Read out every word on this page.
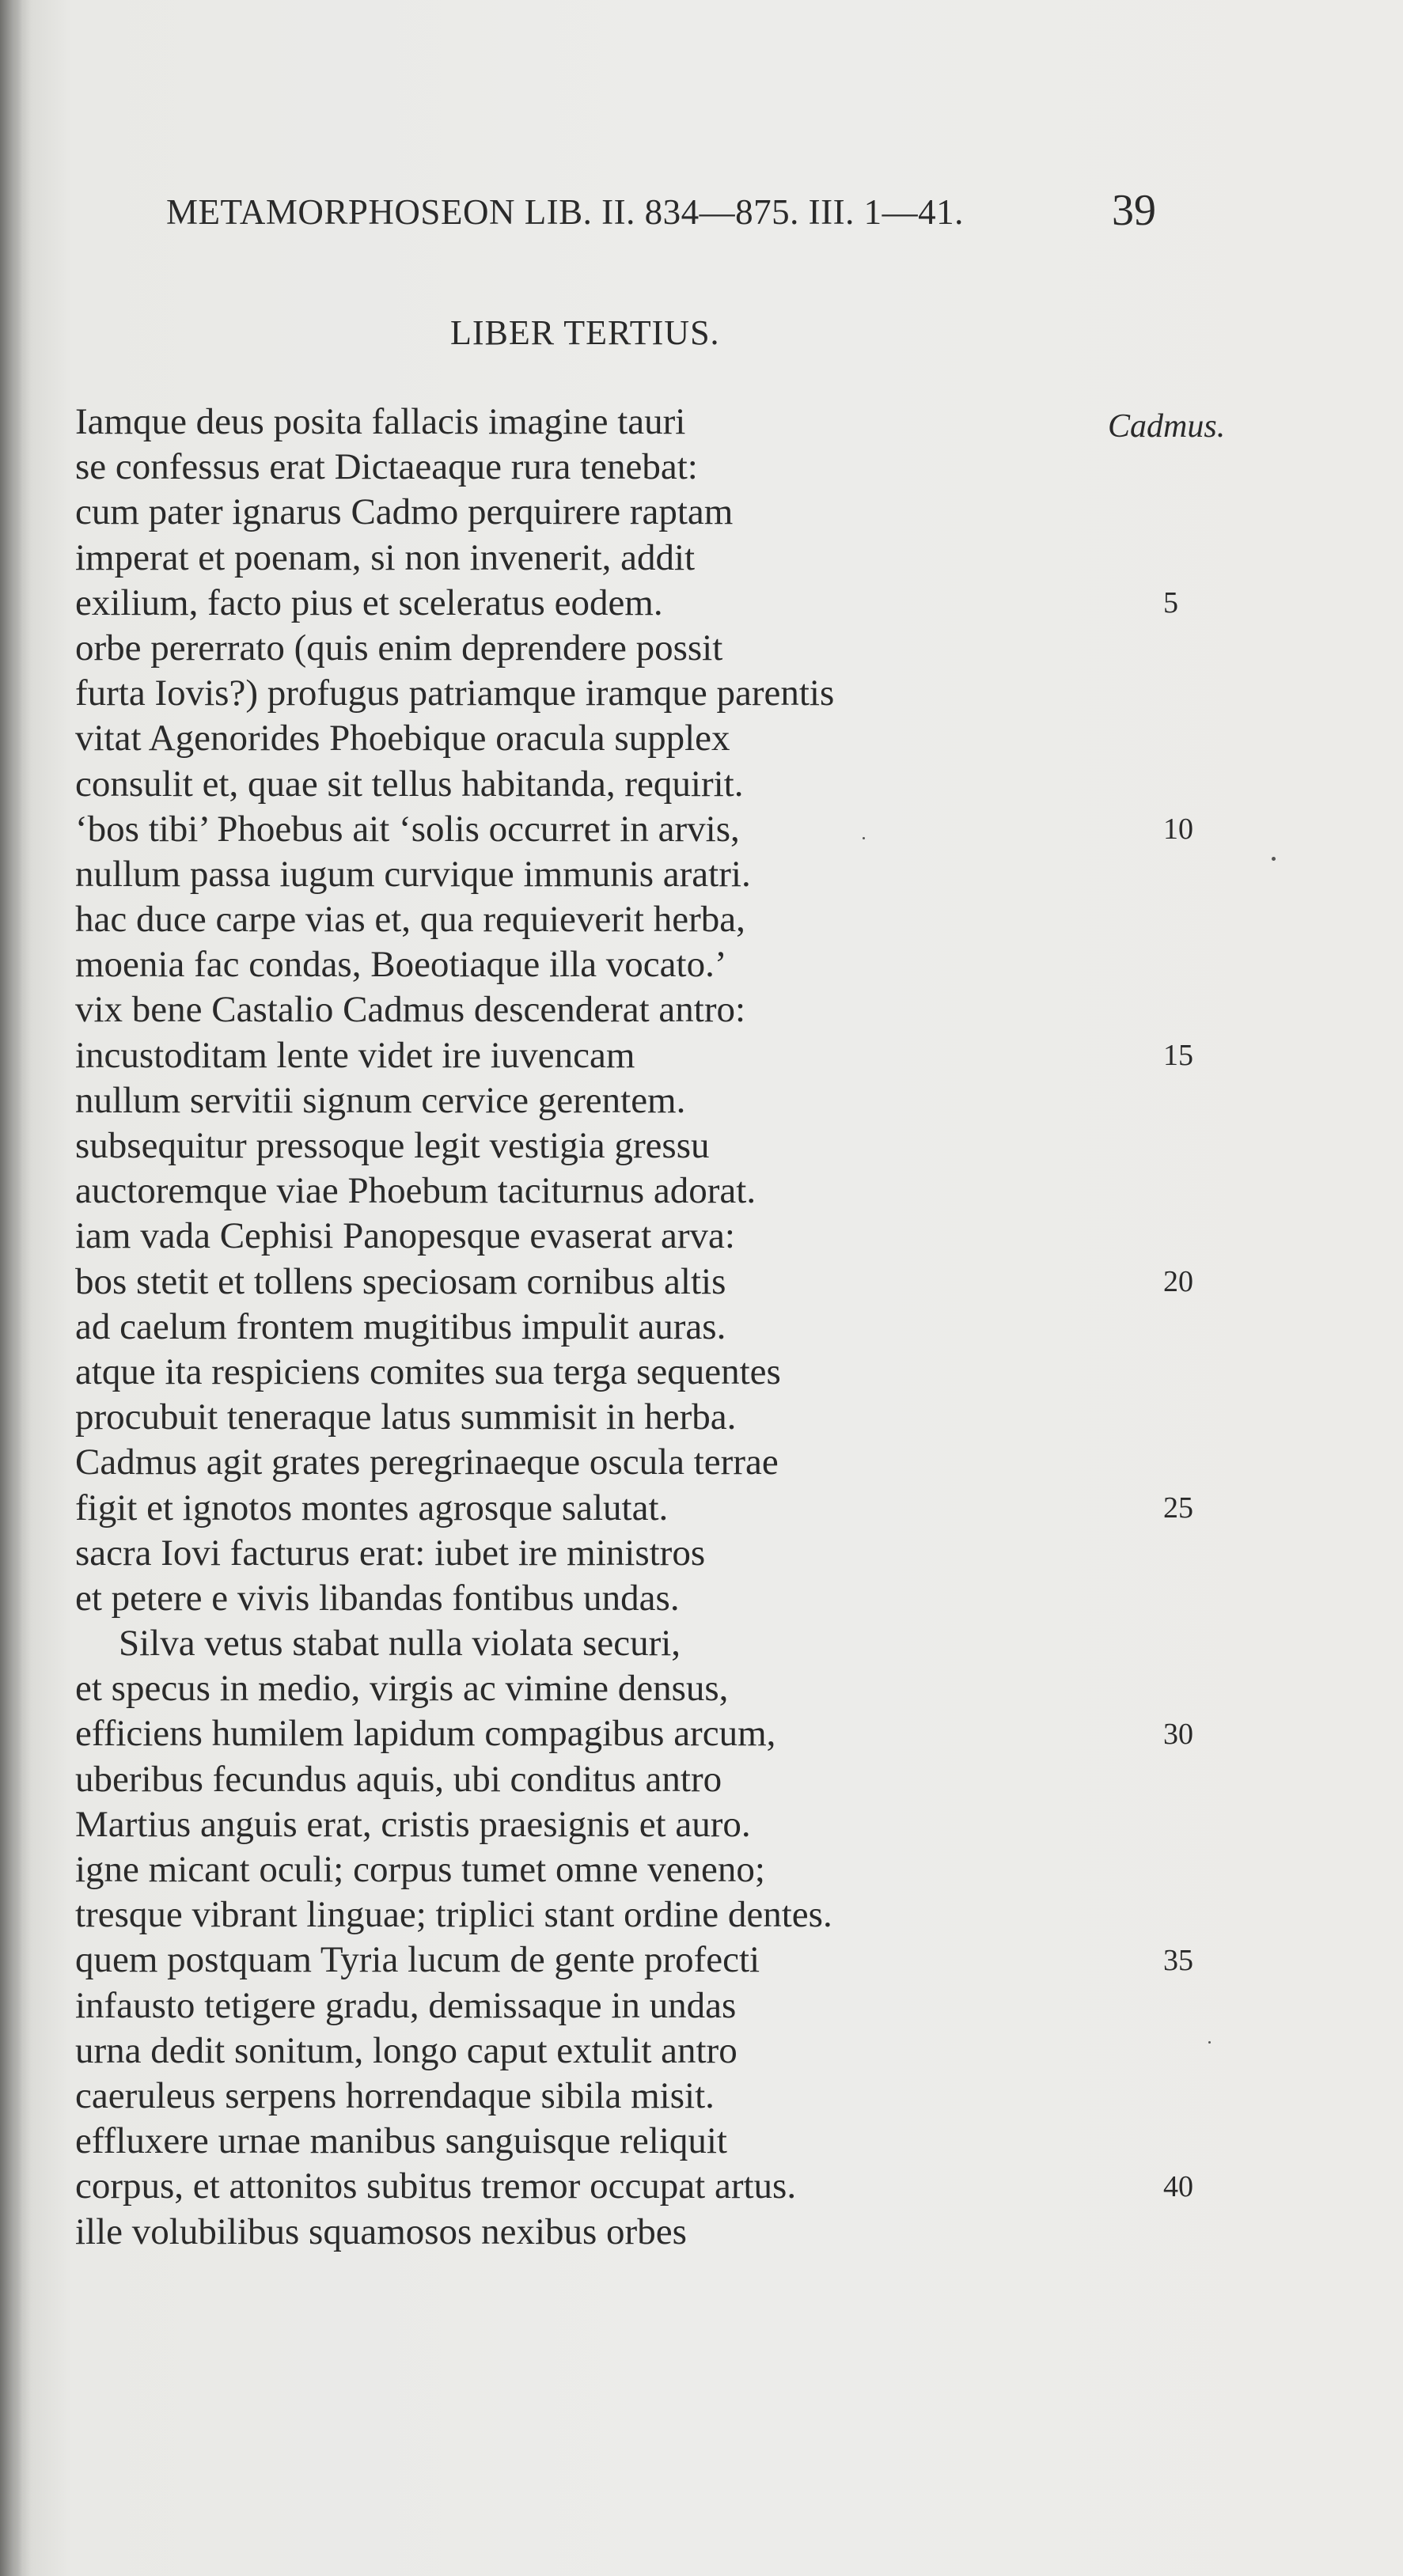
METAMORPHOSEON LIB. II. 834—875. III. 1—41.	39
LIBER TERTIUS.
Cadmus.
Iamque deus posita fallacis imagine tauri
se confessus erat Dictaeaque rura tenebat:
cum pater ignarus Cadmo perquirere raptam
imperat et poenam, si non invenerit, addit
exilium, facto pius et sceleratus eodem.
orbe pererrato (quis enim deprendere possit
furta Iovis?) profugus patriamque iramque parentis
vitat Agenorides Phoebique oracula supplex
consulit et, quae sit tellus habitanda, requirit.
‘bos tibi’ Phoebus ait ‘solis occurret in arvis,
nullum passa iugum curvique immunis aratri.
hac duce carpe vias et, qua requieverit herba,
moenia fac condas, Boeotiaque illa vocato.’
vix bene Castalio Cadmus descenderat antro:
incustoditam lente videt ire iuvencam
nullum servitii signum cervice gerentem.
subsequitur pressoque legit vestigia gressu
auctoremque viae Phoebum taciturnus adorat.
iam vada Cephisi Panopesque evaserat arva:
bos stetit et tollens speciosam cornibus altis
ad caelum frontem mugitibus impulit auras.
atque ita respiciens comites sua terga sequentes
procubuit teneraque latus summisit in herba.
Cadmus agit grates peregrinaeque oscula terrae
figit et ignotos montes agrosque salutat.
sacra Iovi facturus erat: iubet ire ministros
et petere e vivis libandas fontibus undas.
Silva vetus stabat nulla violata securi,
et specus in medio, virgis ac vimine densus,
efficiens humilem lapidum compagibus arcum,
uberibus fecundus aquis, ubi conditus antro
Martius anguis erat, cristis praesignis et auro.
igne micant oculi; corpus tumet omne veneno;
tresque vibrant linguae; triplici stant ordine dentes.
quem postquam Tyria lucum de gente profecti
infausto tetigere gradu, demissaque in undas
urna dedit sonitum, longo caput extulit antro
caeruleus serpens horrendaque sibila misit.
effluxere urnae manibus sanguisque reliquit
corpus, et attonitos subitus tremor occupat artus.
ille volubilibus squamosos nexibus orbes
5
10
15
20
25
30
35
40
